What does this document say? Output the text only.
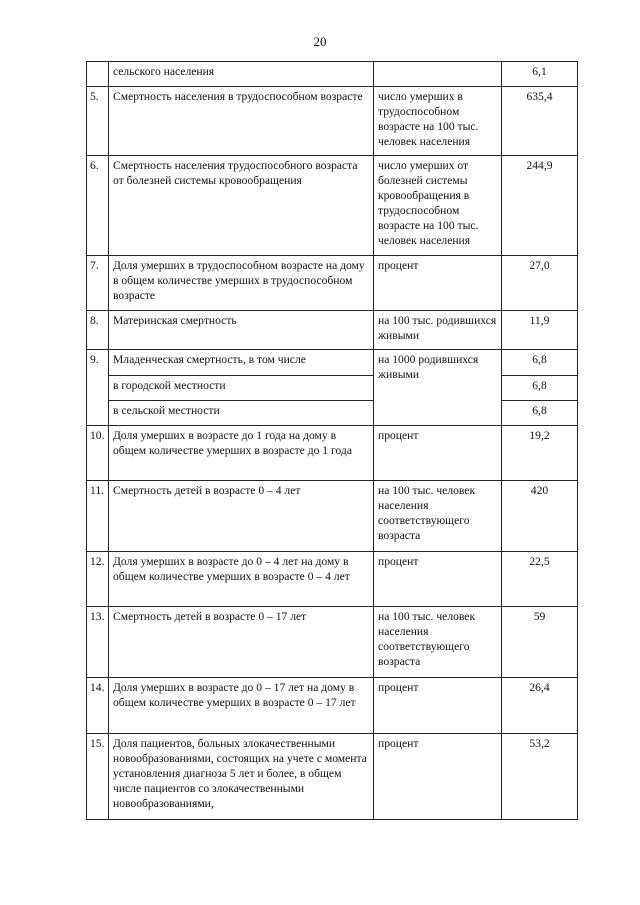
20
	сельского населения		6,1
5.	Смертность населения в трудоспособном возрасте	число умерших в трудоспособном возрасте на 100 тыс. человек населения	635,4
6.	Смертность населения трудоспособного возраста от болезней системы кровообращения	число умерших от болезней системы кровообращения в трудоспособном возрасте на 100 тыс. человек населения	244,9
7.	Доля умерших в трудоспособном возрасте на дому в общем количестве умерших в трудоспособном возрасте	процент	27,0
8.	Материнская смертность	на 100 тыс. родившихся живыми	11,9
9.	Младенческая смертность, в том числе	на 1000 родившихся живыми	6,8
	в городской местности		6,8
	в сельской местности		6,8
10.	Доля умерших в возрасте до 1 года на дому в общем количестве умерших в возрасте до 1 года	процент	19,2
11.	Смертность детей в возрасте 0 – 4 лет	на 100 тыс. человек населения соответствующего возраста	420
12.	Доля умерших в возрасте до 0 – 4 лет на дому в общем количестве умерших в возрасте 0 – 4 лет	процент	22,5
13.	Смертность детей в возрасте 0 – 17 лет	на 100 тыс. человек населения соответствующего возраста	59
14.	Доля умерших в возрасте до 0 – 17 лет на дому в общем количестве умерших в возрасте 0 – 17 лет	процент	26,4
15.	Доля пациентов, больных злокачественными новообразованиями, состоящих на учете с момента установления диагноза 5 лет и более, в общем числе пациентов со злокачественными новообразованиями,	процент	53,2
